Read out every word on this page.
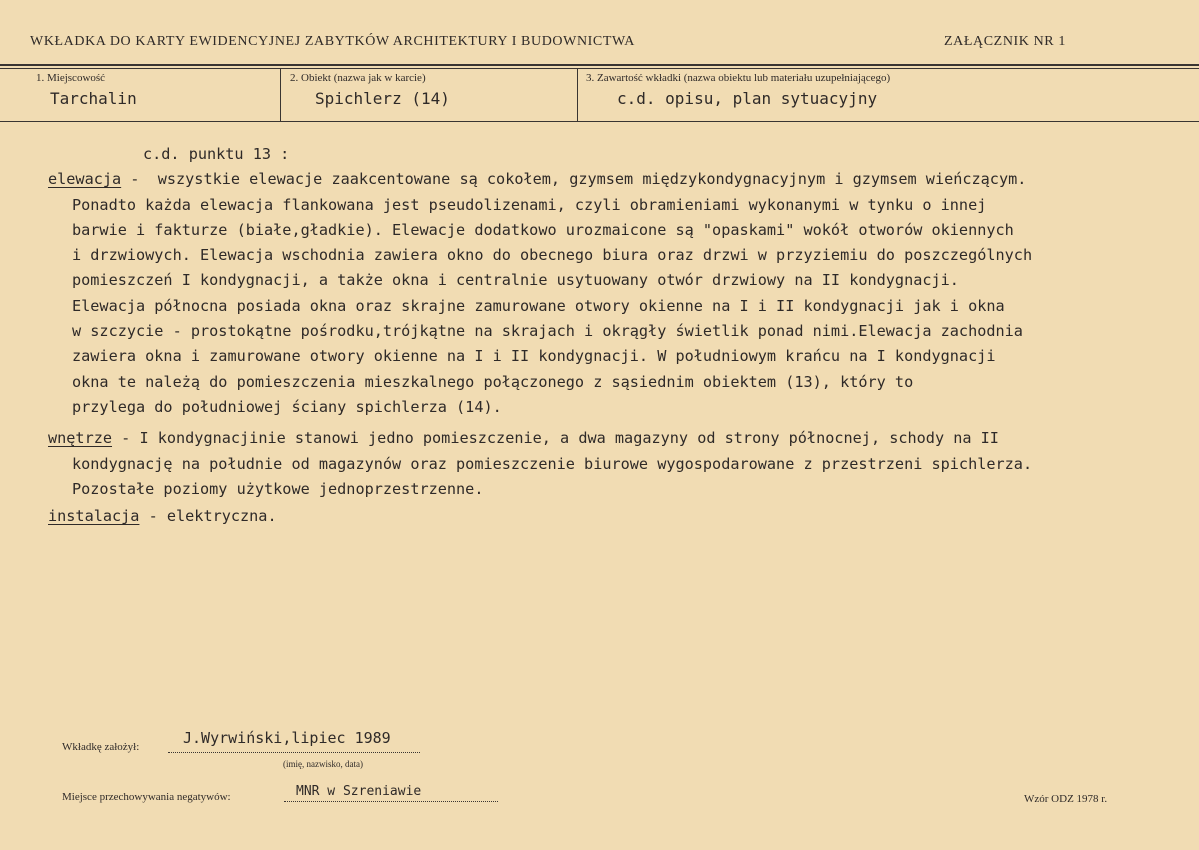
WKŁADKA DO KARTY EWIDENCYJNEJ ZABYTKÓW ARCHITEKTURY I BUDOWNICTWA	ZAŁĄCZNIK NR 1
1. Miejscowość
Tarchalin
2. Obiekt (nazwa jak w karcie)
Spichlerz (14)
3. Zawartość wkładki (nazwa obiektu lub materiału uzupełniającego)
c.d. opisu, plan sytuacyjny
c.d. punktu 13 :
elewacja -  wszystkie elewacje zaakcentowane są cokołem, gzymsem międzykondygnacyjnym i gzymsem wieńczącym.
Ponadto każda elewacja flankowana jest pseudolizenami, czyli obramieniami wykonanymi w tynku o innej
barwie i fakturze (białe,gładkie). Elewacje dodatkowo urozmaicone są "opaskami" wokół otworów okiennych
i drzwiowych. Elewacja wschodnia zawiera okno do obecnego biura oraz drzwi w przyziemiu do poszczególnych
pomieszczeń I kondygnacji, a także okna i centralnie usytuowany otwór drzwiowy na II kondygnacji.
Elewacja północna posiada okna oraz skrajne zamurowane otwory okienne na I i II kondygnacji jak i okna
w szczycie - prostokątne pośrodku,trójkątne na skrajach i okrągły świetlik ponad nimi.Elewacja zachodnia
zawiera okna i zamurowane otwory okienne na I i II kondygnacji. W południowym krańcu na I kondygnacji
okna te należą do pomieszczenia mieszkalnego połączonego z sąsiednim obiektem (13), który to
przylega do południowej ściany spichlerza (14).
wnętrze - I kondygnacjinie stanowi jedno pomieszczenie, a dwa magazyny od strony północnej, schody na II
kondygnację na południe od magazynów oraz pomieszczenie biurowe wygospodarowane z przestrzeni spichlerza.
Pozostałe poziomy użytkowe jednoprzestrzenne.
instalacja - elektryczna.
Wkładkę założył:	J.Wyrwiński,lipiec 1989
(imię, nazwisko, data)
Miejsce przechowywania negatywów:	MNR w Szreniawie	Wzór ODZ 1978 r.
